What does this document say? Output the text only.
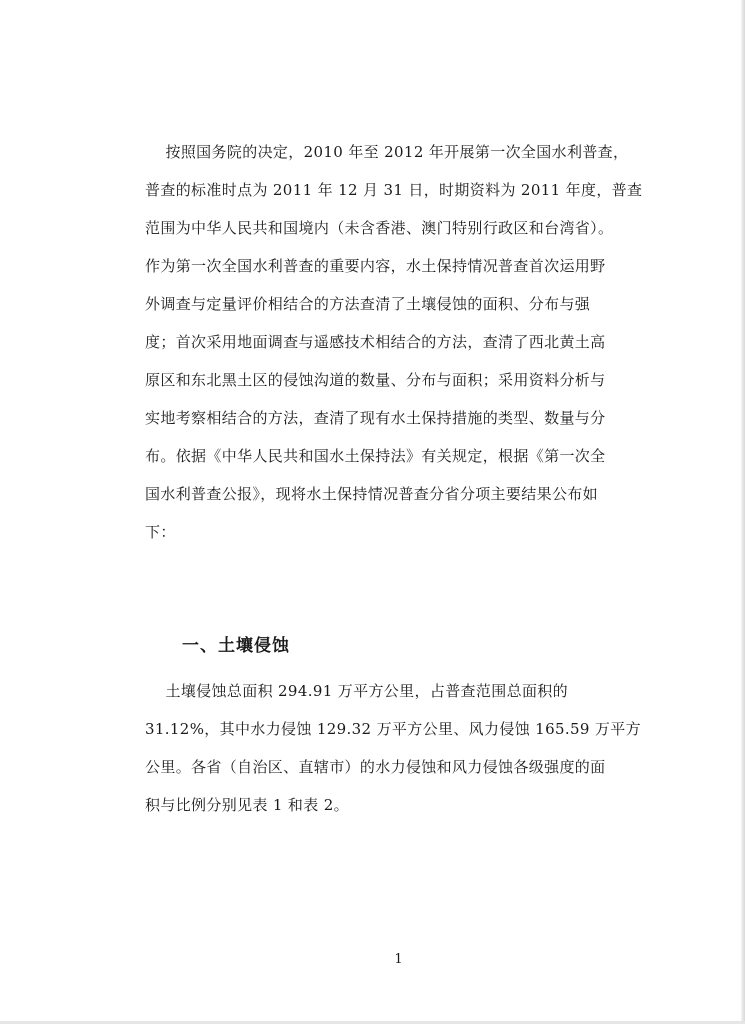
按照国务院的决定，2010 年至 2012 年开展第一次全国水利普查，
普查的标准时点为 2011 年 12 月 31 日，时期资料为 2011 年度，普查
范围为中华人民共和国境内（未含香港、澳门特别行政区和台湾省）。
作为第一次全国水利普查的重要内容，水土保持情况普查首次运用野
外调查与定量评价相结合的方法查清了土壤侵蚀的面积、分布与强
度；首次采用地面调查与遥感技术相结合的方法，查清了西北黄土高
原区和东北黑土区的侵蚀沟道的数量、分布与面积；采用资料分析与
实地考察相结合的方法，查清了现有水土保持措施的类型、数量与分
布。依据《中华人民共和国水土保持法》有关规定，根据《第一次全
国水利普查公报》，现将水土保持情况普查分省分项主要结果公布如
下：
一、土壤侵蚀
土壤侵蚀总面积 294.91 万平方公里，占普查范围总面积的
31.12%，其中水力侵蚀 129.32 万平方公里、风力侵蚀 165.59 万平方
公里。各省（自治区、直辖市）的水力侵蚀和风力侵蚀各级强度的面
积与比例分别见表 1 和表 2。
1
